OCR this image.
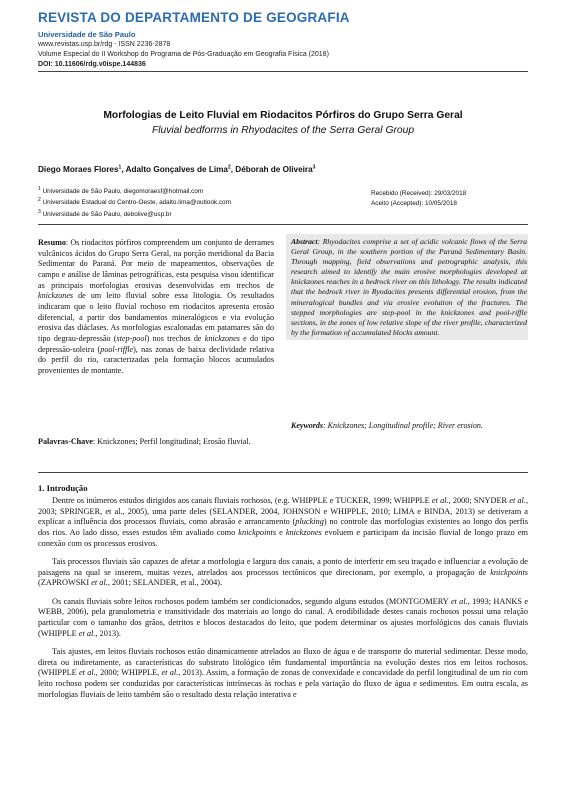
REVISTA DO DEPARTAMENTO DE GEOGRAFIA
Universidade de São Paulo
www.revistas.usp.br/rdg - ISSN 2236-2878
Volume Especial do II Workshop do Programa de Pós-Graduação em Geografia Física (2018)
DOI: 10.11606/rdg.v0ispe.144836
Morfologias de Leito Fluvial em Riodacitos Pórfiros do Grupo Serra Geral
Fluvial bedforms in Rhyodacites of the Serra Geral Group
Diego Moraes Flores$^1$, Adalto Gonçalves de Lima$^2$, Déborah de Oliveira$^3$
$^1$ Universidade de São Paulo, diegomoraesf@hotmail.com
$^2$ Universidade Estadual do Centro-Oeste, adalto.lima@outlook.com
$^3$ Universidade de São Paulo, debolive@usp.br
Recebido (Received): 29/03/2018
Aceito (Accepted): 10/05/2018

Resumo: Os riodacitos pórfiros compreendem um conjunto de derrames vulcânicos ácidos do Grupo Serra Geral, na porção meridional da Bacia Sedimentar do Paraná. Por meio de mapeamentos, observações de campo e análise de lâminas petrográficas, esta pesquisa visou identificar as principais morfologias erosivas desenvolvidas em trechos de knickzones de um leito fluvial sobre essa litologia. Os resultados indicaram que o leito fluvial rochoso em riodacitos apresenta erosão diferencial, a partir dos bandamentos mineralógicos e via evolução erosiva das diáclases. As morfologias escalonadas em patamares são do tipo degrau-depressão (step-pool) nos trechos de knickzones e do tipo depressão-soleira (pool-riffle), nas zonas de baixa declividade relativa do perfil do rio, caracterizadas pela formação blocos acumulados provenientes de montante.

Palavras-Chave: Knickzones; Perfil longitudinal; Erosão fluvial.

Abstract: Rhyodacites comprise a set of acidic volcanic flows of the Serra Geral Group, in the southern portion of the Paraná Sedimentary Basin. Through mapping, field observations and petrographic analysis, this research aimed to identify the main erosive morphologies developed at knickzones reaches in a bedrock river on this lithology. The results indicated that the bedrock river in Ryodacites presents differential erosion, from the mineralogical bundles and via erosive evolution of the fractures. The stepped morphologies are step-pool in the knickzones and pool-riffle sections, in the zones of low relative slope of the river profile, characterized by the formation of accumulated blocks amount.

Keywords: Knickzones; Longitudinal profile; River erosion.
1. Introdução

Dentre os inúmeros estudos dirigidos aos canais fluviais rochosos, (e.g. WHIPPLE e TUCKER, 1999; WHIPPLE et al., 2000; SNYDER et al., 2003; SPRINGER, et al., 2005), uma parte deles (SELANDER, 2004, JOHNSON e WHIPPLE, 2010; LIMA e BINDA, 2013) se detiveram a explicar a influência dos processos fluviais, como abrasão e arrancamento (plucking) no controle das morfologias existentes ao longo dos perfis dos rios. Ao lado disso, esses estudos têm avaliado como knickpoints e knickzones evoluem e participam da incisão fluvial de longo prazo em conexão com os processos erosivos.

Tais processos fluviais são capazes de afetar a morfologia e largura dos canais, a ponto de interferir em seu traçado e influenciar a evolução de paisagens na qual se inserem, muitas vezes, atrelados aos processos tectônicos que direcionam, por exemplo, a propagação de knickpoints (ZAPROWSKI et al., 2001; SELANDER, et al., 2004).

Os canais fluviais sobre leitos rochosos podem também ser condicionados, segundo alguns estudos (MONTGOMERY et al., 1993; HANKS e WEBB, 2006), pela granulometria e transitividade dos materiais ao longo do canal. A erodibilidade destes canais rochosos possui uma relação particular com o tamanho dos grãos, detritos e blocos destacados do leito, que podem determinar os ajustes morfológicos dos canais fluviais (WHIPPLE et al., 2013).

Tais ajustes, em leitos fluviais rochosos estão dinamicamente atrelados ao fluxo de água e de transporte do material sedimentar. Desse modo, direta ou indiretamente, as características do substrato litológico têm fundamental importância na evolução destes rios em leitos rochosos. (WHIPPLE et al., 2000; WHIPPLE, et al., 2013). Assim, a formação de zonas de convexidade e concavidade do perfil longitudinal de um rio com leito rochoso podem ser conduzidas por características intrínsecas às rochas e pela variação do fluxo de água e sedimentos. Em outra escala, as morfologias fluviais de leito também são o resultado desta relação interativa e
